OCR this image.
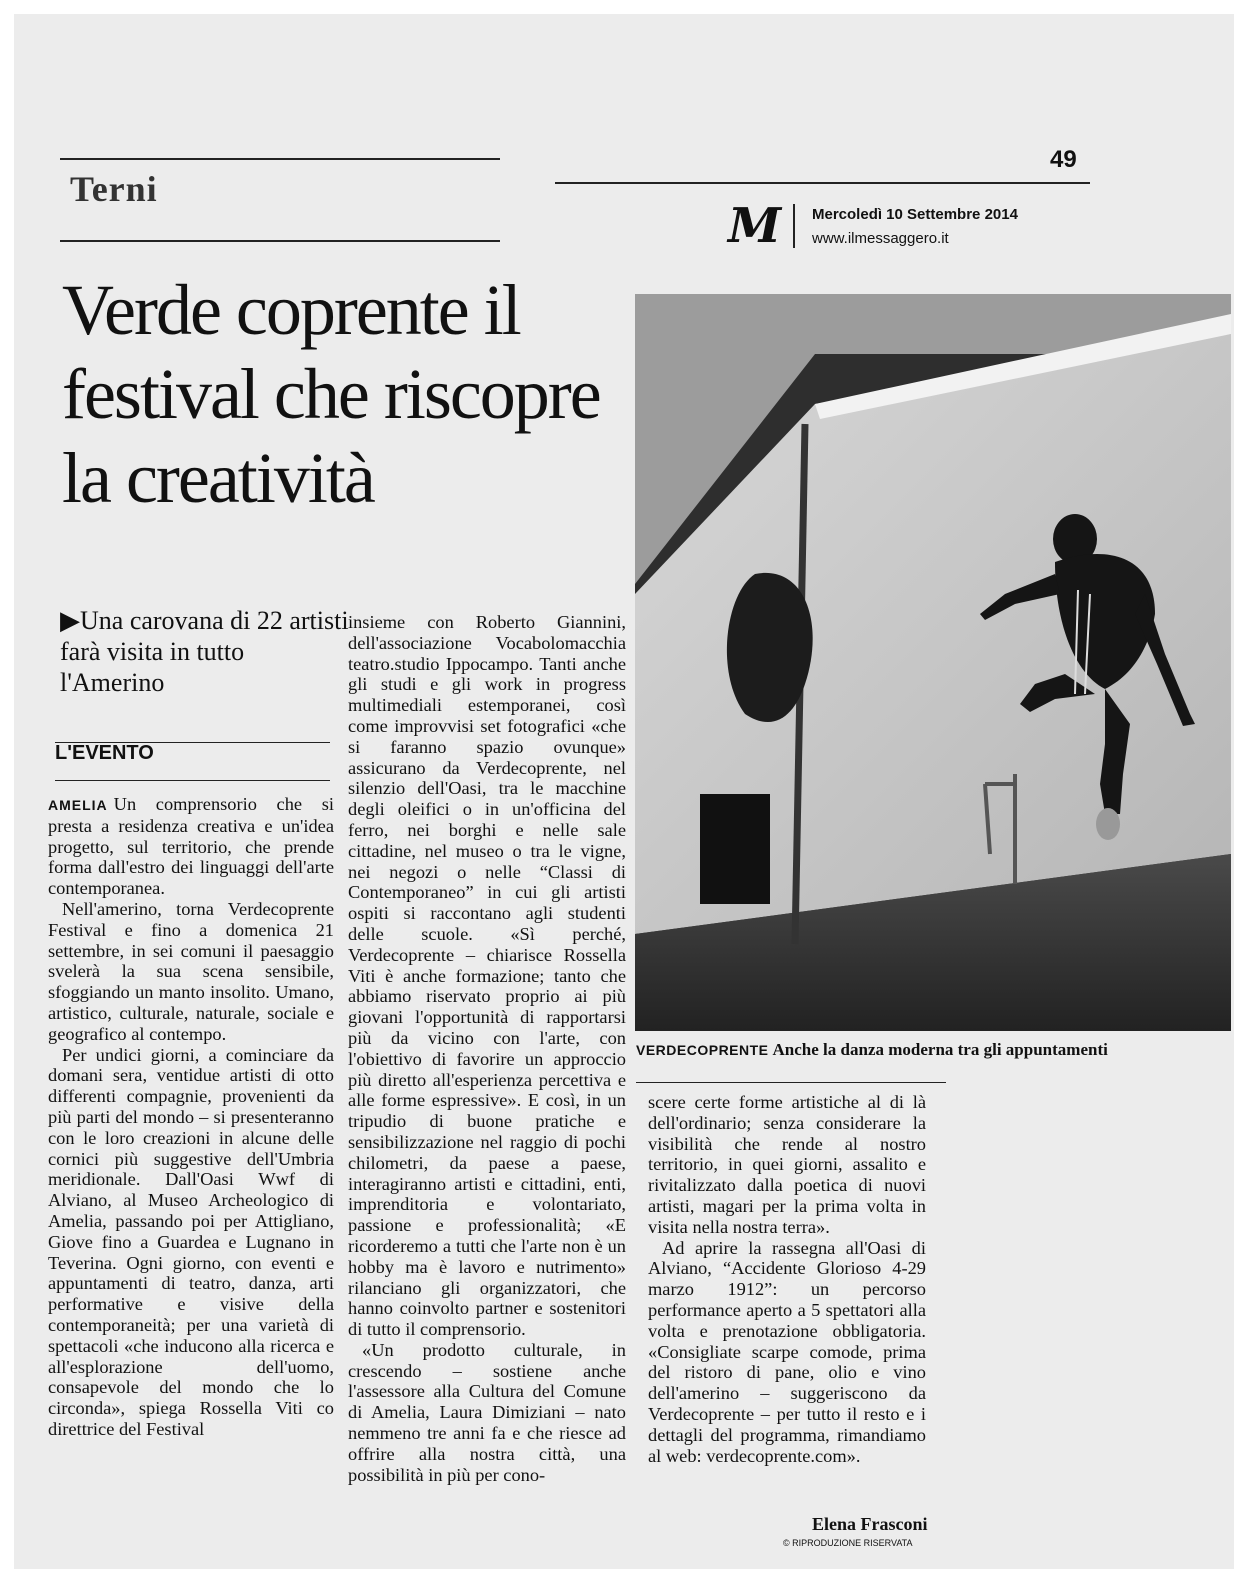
Terni
49
M Mercoledì 10 Settembre 2014
www.ilmessaggero.it
Verde coprente il festival che riscopre la creatività

▶Una carovana di 22 artisti farà visita in tutto l'Amerino

L'EVENTO

AMELIA Un comprensorio che si presta a residenza creativa e un'idea progetto, sul territorio, che prende forma dall'estro dei linguaggi dell'arte contemporanea.

Nell'amerino, torna Verdecoprente Festival e fino a domenica 21 settembre, in sei comuni il paesaggio svelerà la sua scena sensibile, sfoggiando un manto insolito. Umano, artistico, culturale, naturale, sociale e geografico al contempo.

Per undici giorni, a cominciare da domani sera, ventidue artisti di otto differenti compagnie, provenienti da più parti del mondo – si presenteranno con le loro creazioni in alcune delle cornici più suggestive dell'Umbria meridionale. Dall'Oasi Wwf di Alviano, al Museo Archeologico di Amelia, passando poi per Attigliano, Giove fino a Guardea e Lugnano in Teverina. Ogni giorno, con eventi e appuntamenti di teatro, danza, arti performative e visive della contemporaneità; per una varietà di spettacoli «che inducono alla ricerca e all'esplorazione dell'uomo, consapevole del mondo che lo circonda», spiega Rossella Viti co direttrice del Festival

insieme con Roberto Giannini, dell'associazione Vocabolomacchia teatro.studio Ippocampo. Tanti anche gli studi e gli work in progress multimediali estemporanei, così come improvvisi set fotografici «che si faranno spazio ovunque» assicurano da Verdecoprente, nel silenzio dell'Oasi, tra le macchine degli oleifici o in un'officina del ferro, nei borghi e nelle sale cittadine, nel museo o tra le vigne, nei negozi o nelle “Classi di Contemporaneo” in cui gli artisti ospiti si raccontano agli studenti delle scuole. «Sì perché, Verdecoprente – chiarisce Rossella Viti è anche formazione; tanto che abbiamo riservato proprio ai più giovani l'opportunità di rapportarsi più da vicino con l'arte, con l'obiettivo di favorire un approccio più diretto all'esperienza percettiva e alle forme espressive». E così, in un tripudio di buone pratiche e sensibilizzazione nel raggio di pochi chilometri, da paese a paese, interagiranno artisti e cittadini, enti, imprenditoria e volontariato, passione e professionalità; «E ricorderemo a tutti che l'arte non è un hobby ma è lavoro e nutrimento» rilanciano gli organizzatori, che hanno coinvolto partner e sostenitori di tutto il comprensorio.

«Un prodotto culturale, in crescendo – sostiene anche l'assessore alla Cultura del Comune di Amelia, Laura Dimiziani – nato nemmeno tre anni fa e che riesce ad offrire alla nostra città, una possibilità in più per cono-

VERDECOPRENTE Anche la danza moderna tra gli appuntamenti

scere certe forme artistiche al di là dell'ordinario; senza considerare la visibilità che rende al nostro territorio, in quei giorni, assalito e rivitalizzato dalla poetica di nuovi artisti, magari per la prima volta in visita nella nostra terra».

Ad aprire la rassegna all'Oasi di Alviano, “Accidente Glorioso 4-29 marzo 1912”: un percorso performance aperto a 5 spettatori alla volta e prenotazione obbligatoria. «Consigliate scarpe comode, prima del ristoro di pane, olio e vino dell'amerino – suggeriscono da Verdecoprente – per tutto il resto e i dettagli del programma, rimandiamo al web: verdecoprente.com».

Elena Frasconi
© RIPRODUZIONE RISERVATA
